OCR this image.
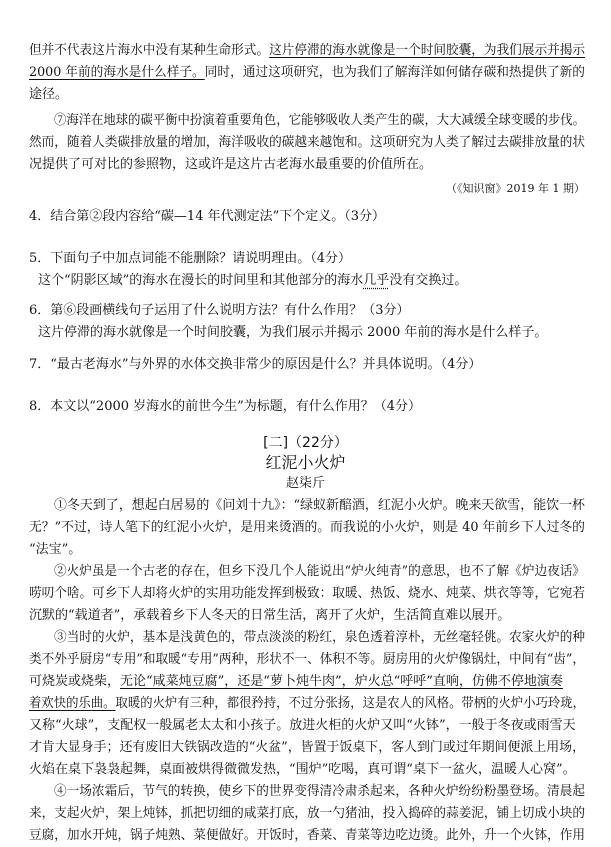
但并不代表这片海水中没有某种生命形式。这片停滞的海水就像是一个时间胶囊，为我们展示并揭示
2000 年前的海水是什么样子。同时，通过这项研究，也为我们了解海洋如何储存碳和热提供了新的
途径。
⑦海洋在地球的碳平衡中扮演着重要角色，它能够吸收人类产生的碳，大大减缓全球变暖的步伐。
然而，随着人类碳排放量的增加，海洋吸收的碳越来越饱和。这项研究为人类了解过去碳排放量的状
况提供了可对比的参照物，这或许是这片古老海水最重要的价值所在。
（《知识窗》2019 年 1 期）
4．结合第②段内容给“碳—14 年代测定法”下个定义。（3分）
5．下面句子中加点词能不能删除？请说明理由。（4分）
这个“阴影区域”的海水在漫长的时间里和其他部分的海水几乎没有交换过。
6．第⑥段画横线句子运用了什么说明方法？有什么作用？（3分）
这片停滞的海水就像是一个时间胶囊，为我们展示并揭示 2000 年前的海水是什么样子。
7．“最古老海水”与外界的水体交换非常少的原因是什么？并具体说明。（4分）
8．本文以“2000 岁海水的前世今生”为标题，有什么作用？（4分）
[二]（22分）
红泥小火炉
赵柒斤
①冬天到了，想起白居易的《问刘十九》：“绿蚁新醅酒，红泥小火炉。晚来天欲雪，能饮一杯
无？”不过，诗人笔下的红泥小火炉，是用来烫酒的。而我说的小火炉，则是 40 年前乡下人过冬的
“法宝”。
②火炉虽是一个古老的存在，但乡下没几个人能说出“炉火纯青”的意思，也不了解《炉边夜话》
唠叨个啥。可乡下人却将火炉的实用功能发挥到极致：取暖、热饭、烧水、炖菜、烘衣等等，它宛若
沉默的“载道者”，承载着乡下人冬天的日常生活，离开了火炉，生活简直难以展开。
③当时的火炉，基本是浅黄色的，带点淡淡的粉红，泉色透着淳朴，无丝毫轻佻。农家火炉的种
类不外乎厨房“专用”和取暖“专用”两种，形状不一、体积不等。厨房用的火炉像锅灶，中间有“齿”，
可烧炭或烧柴，无论“咸菜炖豆腐”，还是“萝卜炖牛肉”，炉火总“呼呼”直响，仿佛不停地演奏
着欢快的乐曲。取暖的火炉有三种，都很矜持，不过分张扬，这是农人的风格。带柄的火炉小巧玲珑，
又称“火球”，支配权一般属老太太和小孩子。放进火柜的火炉又叫“火钵”，一般于冬夜或雨雪天
才肯大显身手；还有废旧大铁锅改造的“火盆”，皆置于饭桌下，客人到门或过年期间便派上用场，
火焰在桌下袅袅起舞，桌面被烘得微微发热，“围炉”吃喝，真可谓“桌下一盆火，温暖人心窝”。
④一场浓霜后，节气的转换，使乡下的世界变得清冷肃杀起来，各种火炉纷纷粉墨登场。清晨起
来，支起火炉，架上炖钵，抓把切细的咸菜打底，放一勺猪油，投入捣碎的蒜姜泥，铺上切成小块的
豆腐，加水开炖，锅子炖熟、菜便做好。开饭时，香菜、青菜等边吃边烫。此外，升一个火钵，作用
